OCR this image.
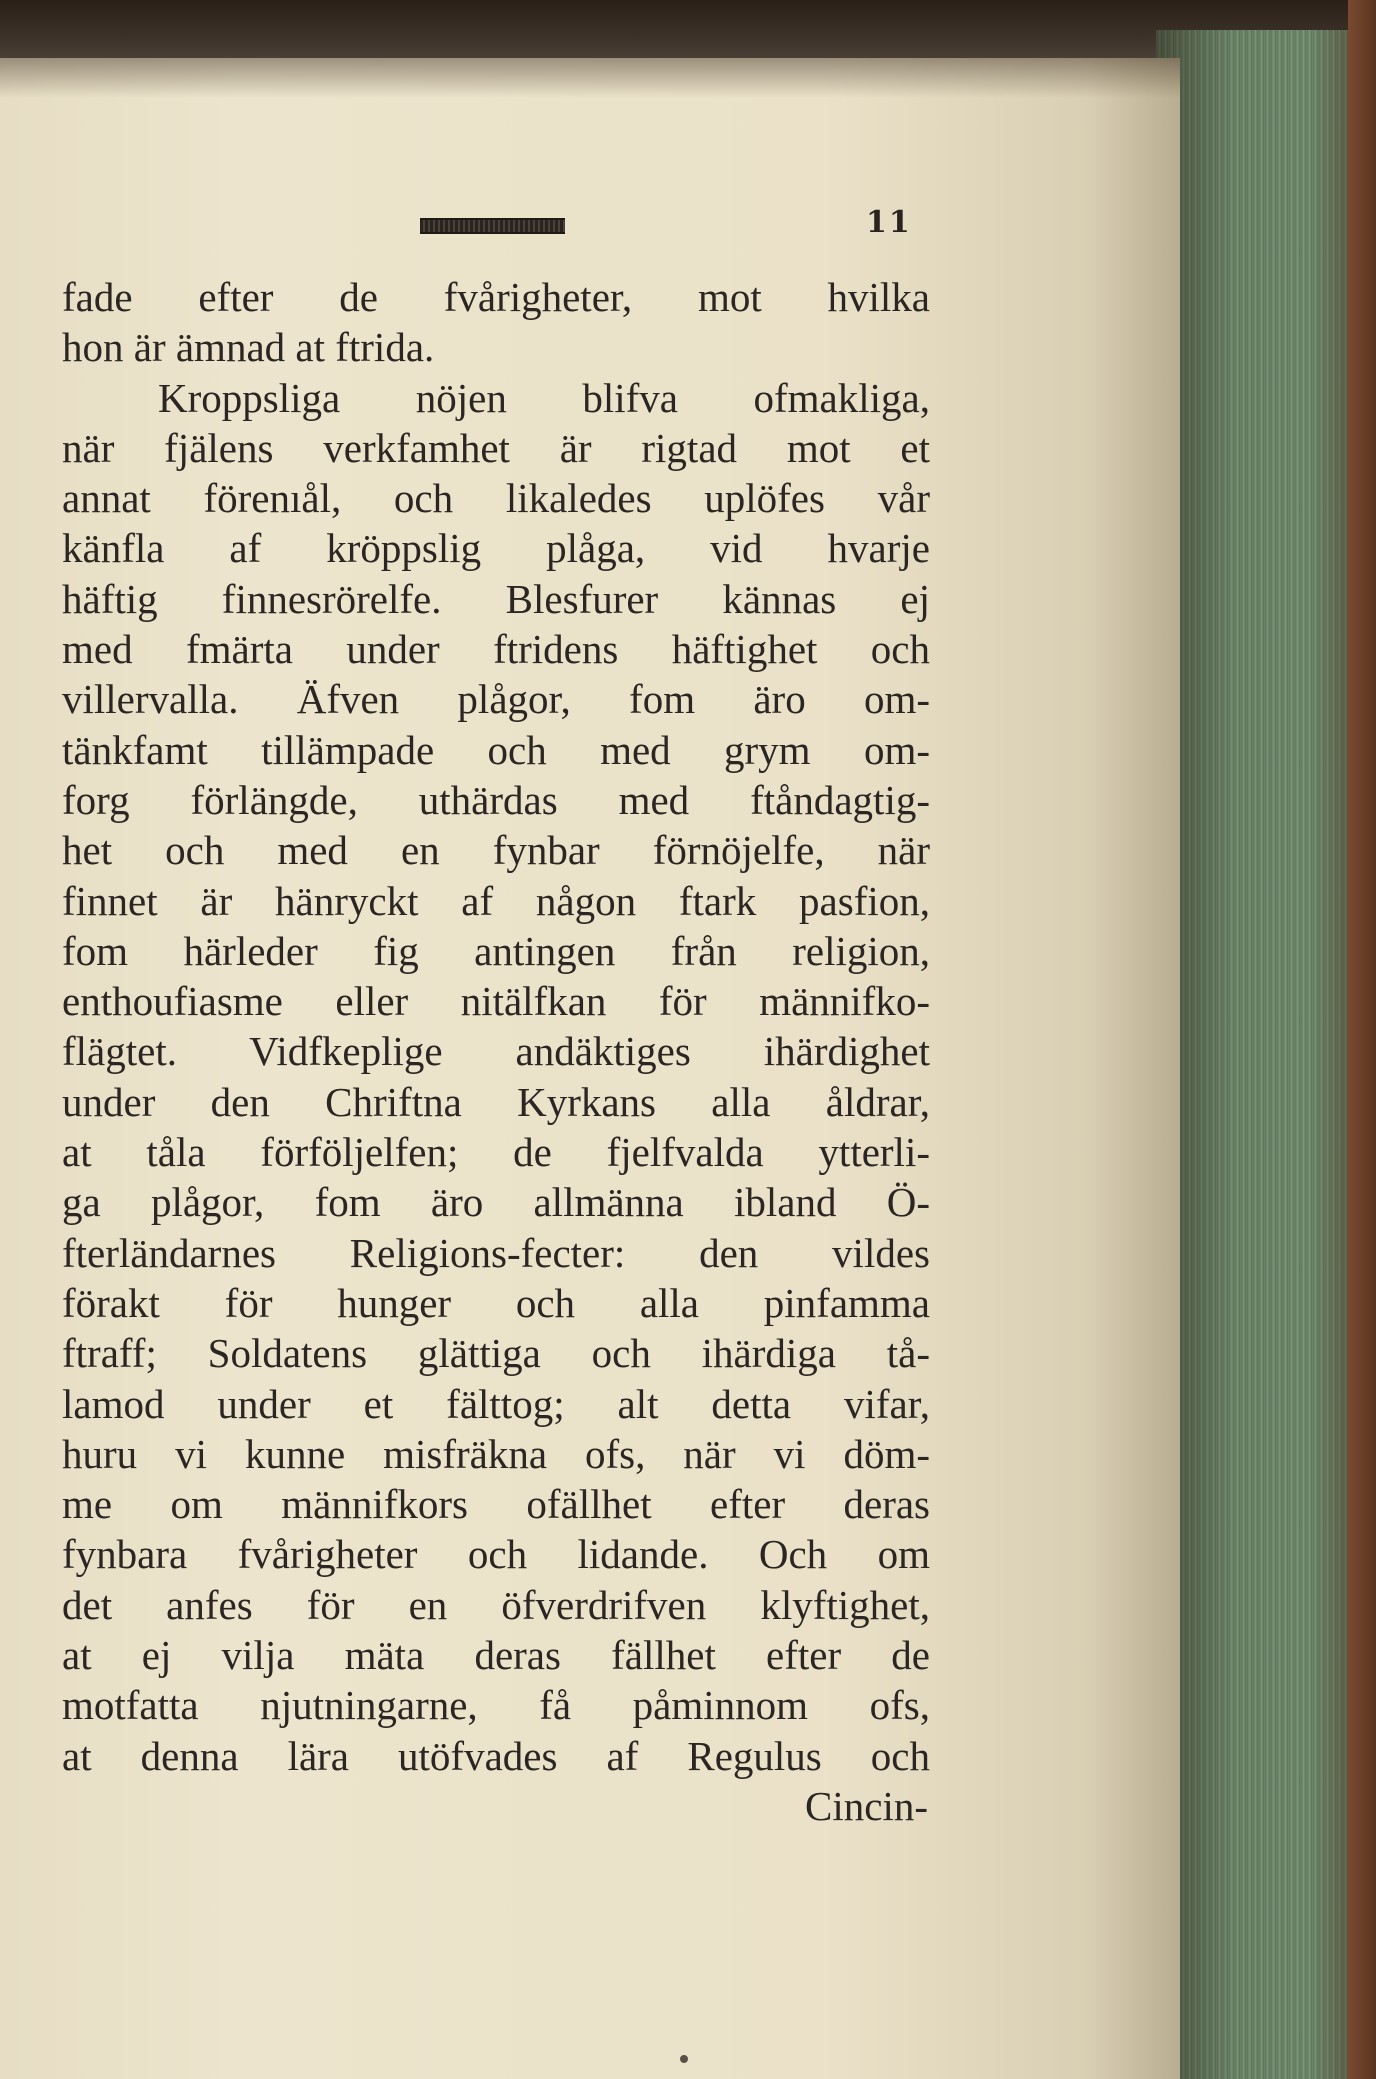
11
fade efter de fvårigheter, mot hvilka
hon är ämnad at ftrida.
Kroppsliga nöjen blifva ofmakliga,
när fjälens verkfamhet är rigtad mot et
annat förenıål, och likaledes uplöfes vår
känfla af kröppslig plåga, vid hvarje
häftig finnesrörelfe. Blesfurer kännas ej
med fmärta under ftridens häftighet och
villervalla. Äfven plågor, fom äro om-
tänkfamt tillämpade och med grym om-
forg förlängde, uthärdas med ftåndagtig-
het och med en fynbar förnöjelfe, när
finnet är hänryckt af någon ftark pasfion,
fom härleder fig antingen från religion,
enthoufiasme eller nitälfkan för männifko-
flägtet. Vidfkeplige andäktiges ihärdighet
under den Chriftna Kyrkans alla åldrar,
at tåla förföljelfen; de fjelfvalda ytterli-
ga plågor, fom äro allmänna ibland Ö-
fterländarnes Religions-fecter: den vildes
förakt för hunger och alla pinfamma
ftraff; Soldatens glättiga och ihärdiga tå-
lamod under et fälttog; alt detta vifar,
huru vi kunne misfräkna ofs, när vi döm-
me om männifkors ofällhet efter deras
fynbara fvårigheter och lidande. Och om
det anfes för en öfverdrifven klyftighet,
at ej vilja mäta deras fällhet efter de
motfatta njutningarne, få påminnom ofs,
at denna lära utöfvades af Regulus och
Cincin-
